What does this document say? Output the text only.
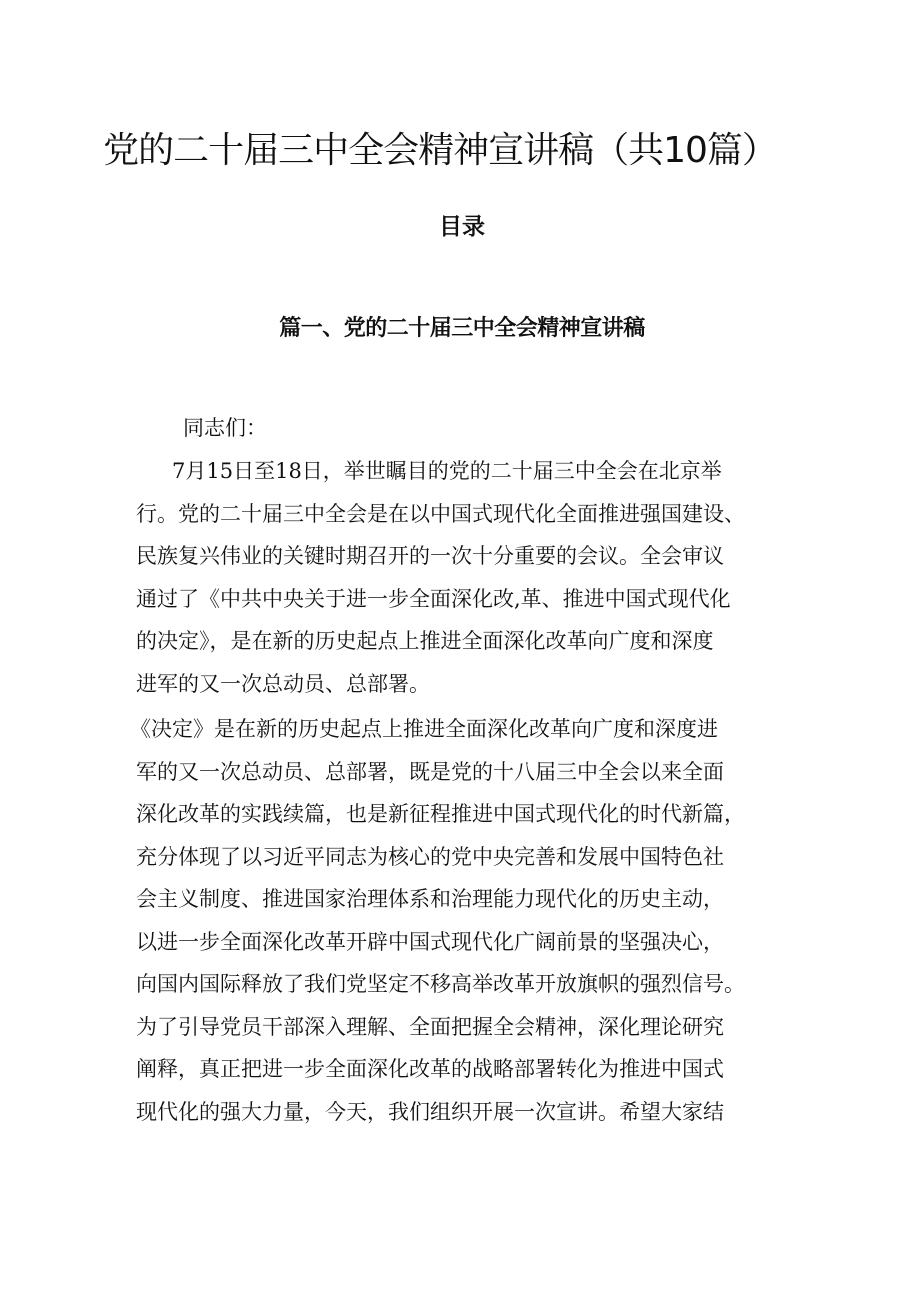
党的二十届三中全会精神宣讲稿（共10篇）
目录
篇一、党的二十届三中全会精神宣讲稿

同志们：

7月15日至18日，举世瞩目的党的二十届三中全会在北京举
行。党的二十届三中全会是在以中国式现代化全面推进强国建设、
民族复兴伟业的关键时期召开的一次十分重要的会议。全会审议
通过了《中共中央关于进一步全面深化改,革、推进中国式现代化
的决定》，是在新的历史起点上推进全面深化改革向广度和深度
进军的又一次总动员、总部署。
《决定》是在新的历史起点上推进全面深化改革向广度和深度进
军的又一次总动员、总部署，既是党的十八届三中全会以来全面
深化改革的实践续篇，也是新征程推进中国式现代化的时代新篇，
充分体现了以习近平同志为核心的党中央完善和发展中国特色社
会主义制度、推进国家治理体系和治理能力现代化的历史主动，
以进一步全面深化改革开辟中国式现代化广阔前景的坚强决心，
向国内国际释放了我们党坚定不移高举改革开放旗帜的强烈信号。
为了引导党员干部深入理解、全面把握全会精神，深化理论研究
阐释，真正把进一步全面深化改革的战略部署转化为推进中国式
现代化的强大力量，今天，我们组织开展一次宣讲。希望大家结
